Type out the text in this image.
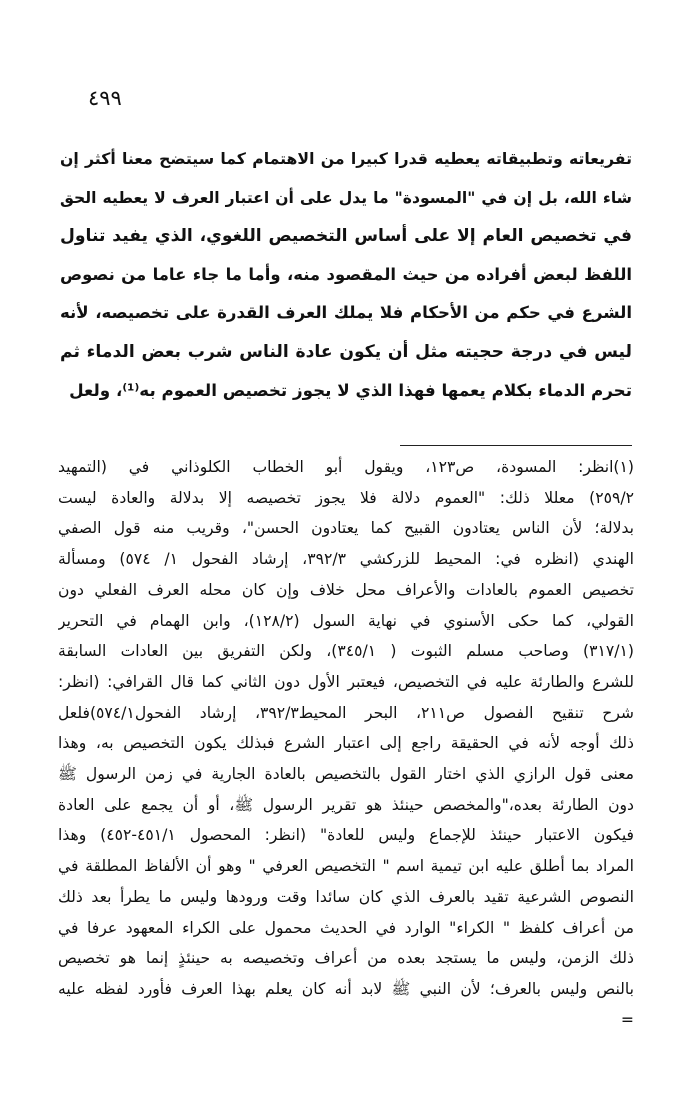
٤٩٩
تفريعاته وتطبيقاته يعطيه قدرا كبيرا من الاهتمام كما سيتضح معنا أكثر إن
شاء الله، بل إن في "المسودة" ما يدل على أن اعتبار العرف لا يعطيه الحق
في تخصيص العام إلا على أساس التخصيص اللغوي، الذي يفيد تناول
اللفظ لبعض أفراده من حيث المقصود منه، وأما ما جاء عاما من نصوص
الشرع في حكم من الأحكام فلا يملك العرف القدرة على تخصيصه، لأنه
ليس في درجة حجيته مثل أن يكون عادة الناس شرب بعض الدماء ثم
تحرم الدماء بكلام يعمها فهذا الذي لا يجوز تخصيص العموم به⁽¹⁾، ولعل
(١)انظر: المسودة، ص١٢٣، ويقول أبو الخطاب الكلوذاني في (التمهيد
٢٥٩/٢) معللا ذلك: "العموم دلالة فلا يجوز تخصيصه إلا بدلالة والعادة ليست
بدلالة؛ لأن الناس يعتادون القبيح كما يعتادون الحسن"، وقريب منه قول الصفي
الهندي (انظره في: المحيط للزركشي ٣٩٢/٣، إرشاد الفحول ١/ ٥٧٤) ومسألة
تخصيص العموم بالعادات والأعراف محل خلاف وإن كان محله العرف الفعلي دون
القولي، كما حكى الأسنوي في نهاية السول (١٢٨/٢)، وابن الهمام في التحرير
(٣١٧/١) وصاحب مسلم الثبوت ( ٣٤٥/١)، ولكن التفريق بين العادات السابقة
للشرع والطارئة عليه في التخصيص، فيعتبر الأول دون الثاني كما قال القرافي: (انظر:
شرح تنقيح الفصول ص٢١١، البحر المحيط٣٩٢/٣، إرشاد الفحول٥٧٤/١)فلعل
ذلك أوجه لأنه في الحقيقة راجع إلى اعتبار الشرع فبذلك يكون التخصيص به، وهذا
معنى قول الرازي الذي اختار القول بالتخصيص بالعادة الجارية في زمن الرسول ﷺ
دون الطارئة بعده،"والمخصص حينئذ هو تقرير الرسول ﷺ، أو أن يجمع على العادة
فيكون الاعتبار حينئذ للإجماع وليس للعادة" (انظر: المحصول ٤٥١/١-٤٥٢) وهذا
المراد بما أطلق عليه ابن تيمية اسم " التخصيص العرفي " وهو أن الألفاظ المطلقة في
النصوص الشرعية تقيد بالعرف الذي كان سائدا وقت ورودها وليس ما يطرأ بعد ذلك
من أعراف كلفظ " الكراء" الوارد في الحديث محمول على الكراء المعهود عرفا في
ذلك الزمن، وليس ما يستجد بعده من أعراف وتخصيصه به حينئذٍ إنما هو تخصيص
بالنص وليس بالعرف؛ لأن النبي ﷺ لابد أنه كان يعلم بهذا العرف فأورد لفظه عليه
=
